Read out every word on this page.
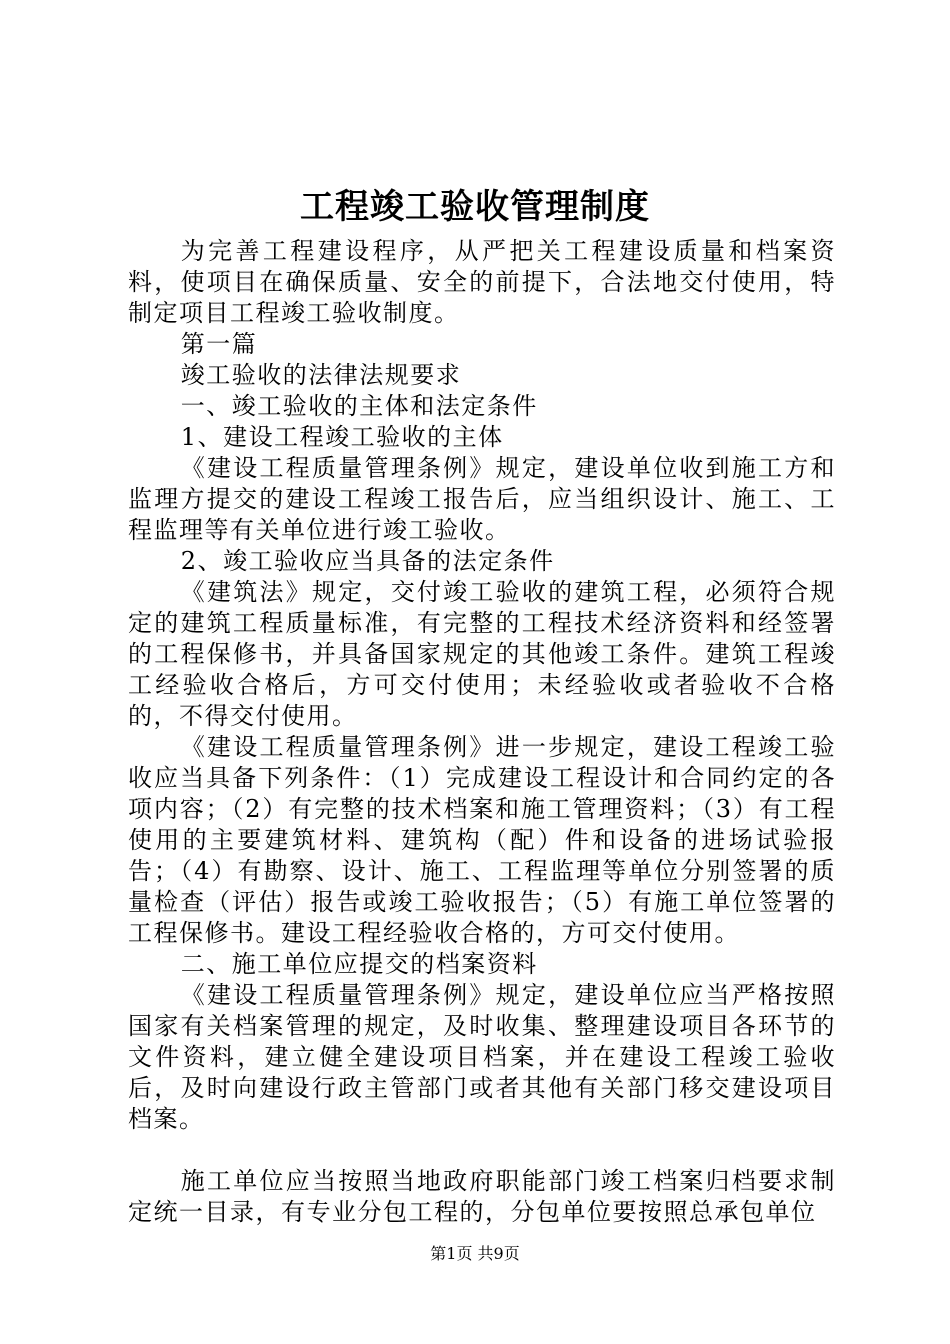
工程竣工验收管理制度

为完善工程建设程序，从严把关工程建设质量和档案资料，使项目在确保质量、安全的前提下，合法地交付使用，特制定项目工程竣工验收制度。

第一篇

竣工验收的法律法规要求

一、竣工验收的主体和法定条件

1、建设工程竣工验收的主体

《建设工程质量管理条例》规定，建设单位收到施工方和监理方提交的建设工程竣工报告后，应当组织设计、施工、工程监理等有关单位进行竣工验收。

2、竣工验收应当具备的法定条件

《建筑法》规定，交付竣工验收的建筑工程，必须符合规定的建筑工程质量标准，有完整的工程技术经济资料和经签署的工程保修书，并具备国家规定的其他竣工条件。建筑工程竣工经验收合格后，方可交付使用；未经验收或者验收不合格的，不得交付使用。

《建设工程质量管理条例》进一步规定，建设工程竣工验收应当具备下列条件：（1）完成建设工程设计和合同约定的各项内容；（2）有完整的技术档案和施工管理资料；（3）有工程使用的主要建筑材料、建筑构（配）件和设备的进场试验报告；（4）有勘察、设计、施工、工程监理等单位分别签署的质量检查（评估）报告或竣工验收报告；（5）有施工单位签署的工程保修书。建设工程经验收合格的，方可交付使用。

二、施工单位应提交的档案资料

《建设工程质量管理条例》规定，建设单位应当严格按照国家有关档案管理的规定，及时收集、整理建设项目各环节的文件资料，建立健全建设项目档案，并在建设工程竣工验收后，及时向建设行政主管部门或者其他有关部门移交建设项目档案。

施工单位应当按照当地政府职能部门竣工档案归档要求制定统一目录，有专业分包工程的，分包单位要按照总承包单位

第1页 共9页
